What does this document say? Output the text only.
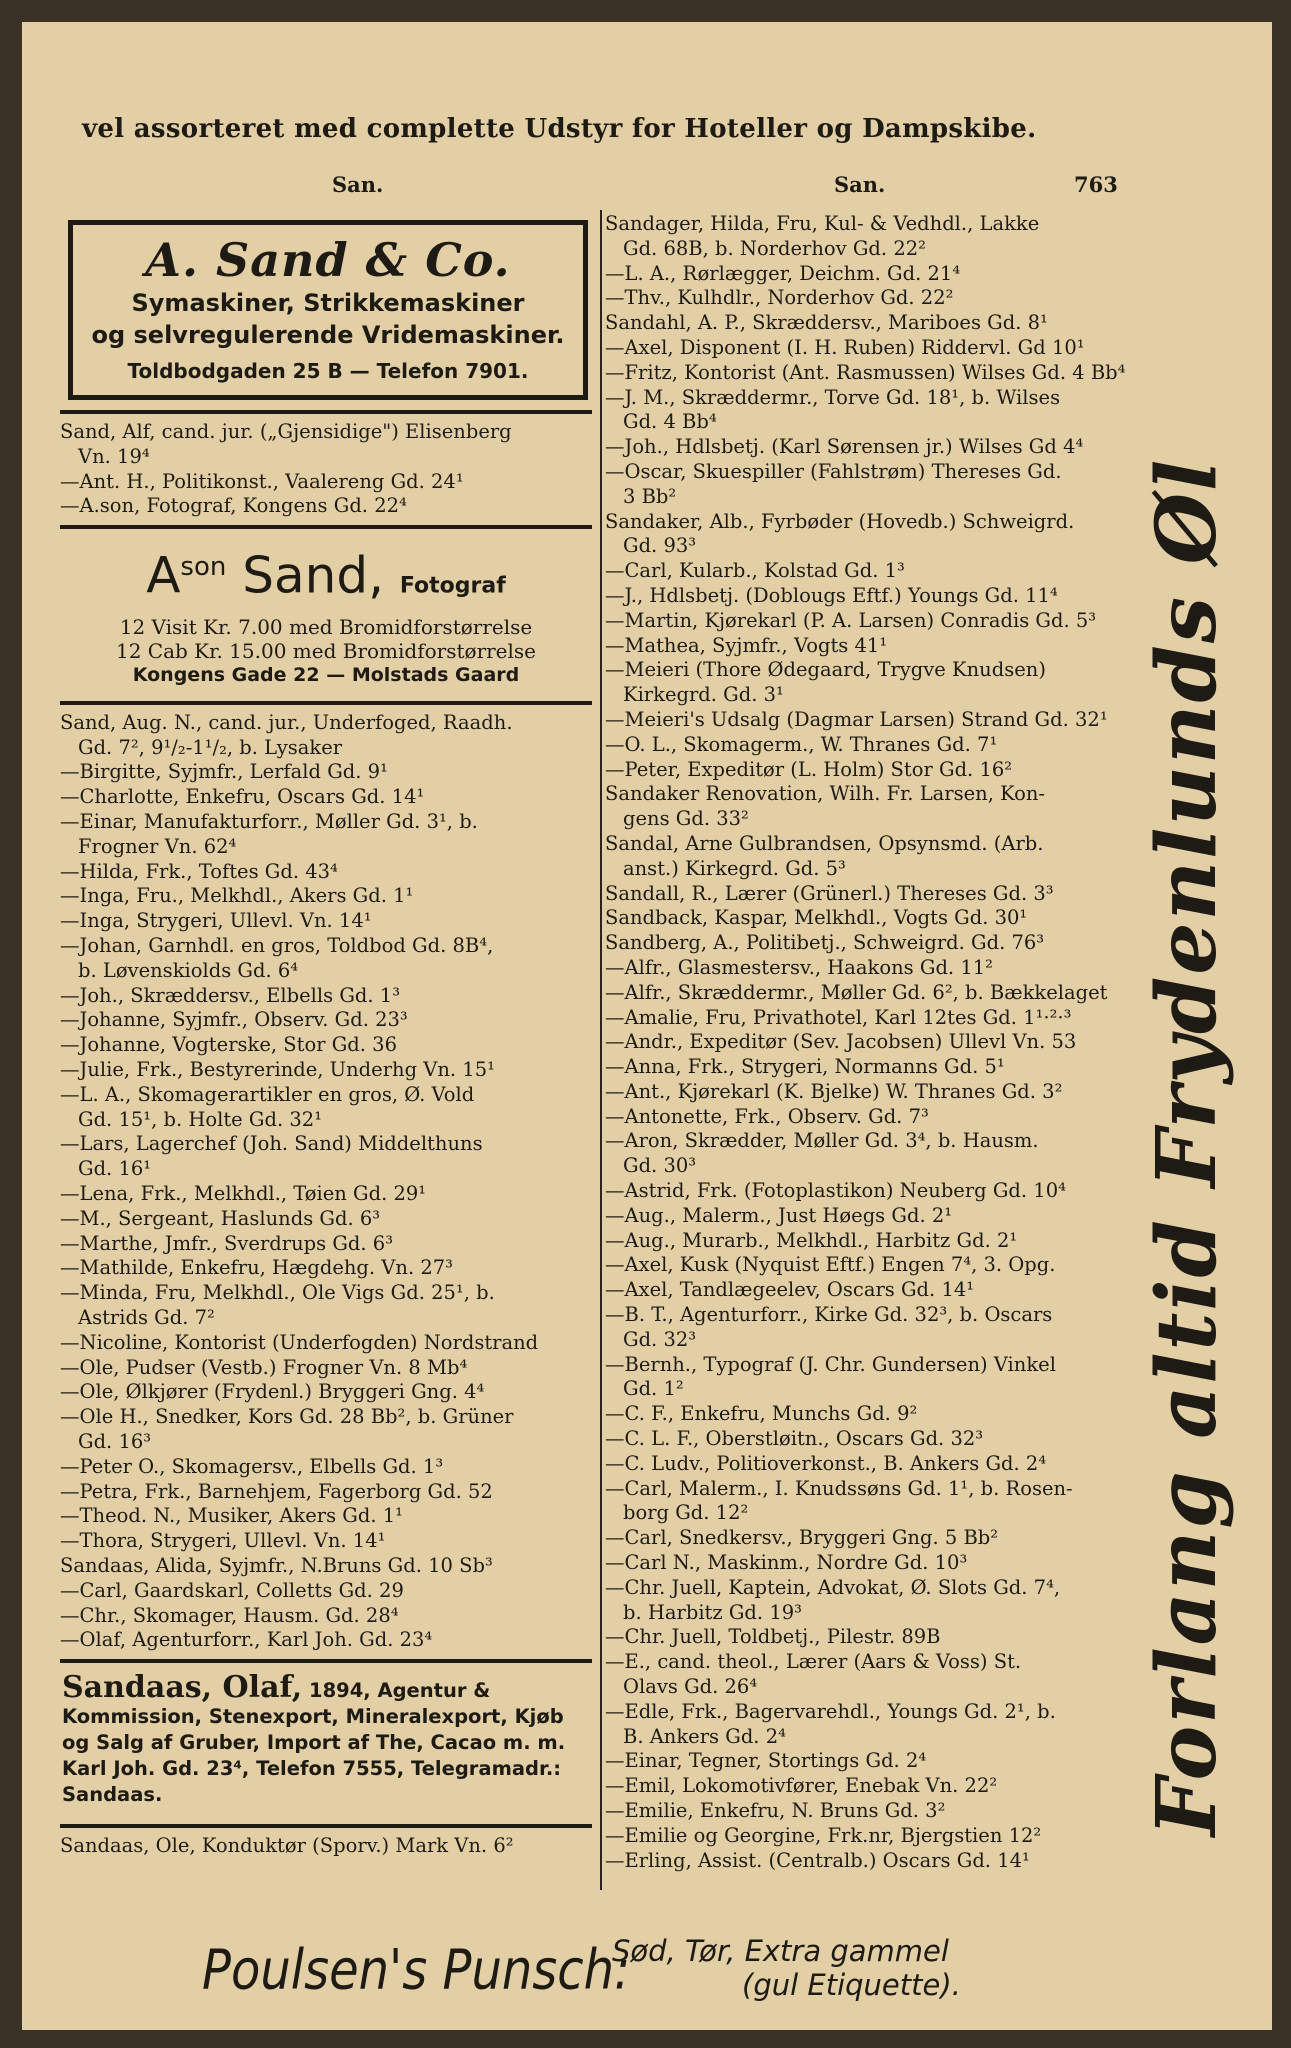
vel assorteret med complette Udstyr for Hoteller og Dampskibe.
San.	San.	763
A. Sand & Co.
Symaskiner, Strikkemaskiner
og selvregulerende Vridemaskiner.
Toldbodgaden 25 B — Telefon 7901.
Sand, Alf, cand. jur. („Gjensidige") Elisenberg
Vn. 19⁴
—Ant. H., Politikonst., Vaalereng Gd. 24¹
—A.son, Fotograf, Kongens Gd. 22⁴
$A^{son}$ Sand, Fotograf
12 Visit Kr. 7.00 med Bromidforstørrelse
12 Cab Kr. 15.00 med Bromidforstørrelse
Kongens Gade 22 — Molstads Gaard
Sand, Aug. N., cand. jur., Underfoged, Raadh.
Gd. 7², 9¹/₂-1¹/₂, b. Lysaker
—Birgitte, Syjmfr., Lerfald Gd. 9¹
—Charlotte, Enkefru, Oscars Gd. 14¹
—Einar, Manufakturforr., Møller Gd. 3¹, b.
Frogner Vn. 62⁴
—Hilda, Frk., Toftes Gd. 43⁴
—Inga, Fru., Melkhdl., Akers Gd. 1¹
—Inga, Strygeri, Ullevl. Vn. 14¹
—Johan, Garnhdl. en gros, Toldbod Gd. 8B⁴,
b. Løvenskiolds Gd. 6⁴
—Joh., Skræddersv., Elbells Gd. 1³
—Johanne, Syjmfr., Observ. Gd. 23³
—Johanne, Vogterske, Stor Gd. 36
—Julie, Frk., Bestyrerinde, Underhg Vn. 15¹
—L. A., Skomagerartikler en gros, Ø. Vold
Gd. 15¹, b. Holte Gd. 32¹
—Lars, Lagerchef (Joh. Sand) Middelthuns
Gd. 16¹
—Lena, Frk., Melkhdl., Tøien Gd. 29¹
—M., Sergeant, Haslunds Gd. 6³
—Marthe, Jmfr., Sverdrups Gd. 6³
—Mathilde, Enkefru, Hægdehg. Vn. 27³
—Minda, Fru, Melkhdl., Ole Vigs Gd. 25¹, b.
Astrids Gd. 7²
—Nicoline, Kontorist (Underfogden) Nordstrand
—Ole, Pudser (Vestb.) Frogner Vn. 8 Mb⁴
—Ole, Ølkjører (Frydenl.) Bryggeri Gng. 4⁴
—Ole H., Snedker, Kors Gd. 28 Bb², b. Grüner
Gd. 16³
—Peter O., Skomagersv., Elbells Gd. 1³
—Petra, Frk., Barnehjem, Fagerborg Gd. 52
—Theod. N., Musiker, Akers Gd. 1¹
—Thora, Strygeri, Ullevl. Vn. 14¹
Sandaas, Alida, Syjmfr., N.Bruns Gd. 10 Sb³
—Carl, Gaardskarl, Colletts Gd. 29
—Chr., Skomager, Hausm. Gd. 28⁴
—Olaf, Agenturforr., Karl Joh. Gd. 23⁴
Sandaas, Olaf, 1894, Agentur & Kommission, Stenexport, Mineralexport, Kjøb og Salg af Gruber, Import af The, Cacao m. m. Karl Joh. Gd. 23⁴, Telefon 7555, Telegramadr.: Sandaas.
Sandaas, Ole, Konduktør (Sporv.) Mark Vn. 6²
Sandager, Hilda, Fru, Kul- & Vedhdl., Lakke
Gd. 68B, b. Norderhov Gd. 22²
—L. A., Rørlægger, Deichm. Gd. 21⁴
—Thv., Kulhdlr., Norderhov Gd. 22²
Sandahl, A. P., Skræddersv., Mariboes Gd. 8¹
—Axel, Disponent (I. H. Ruben) Riddervl. Gd 10¹
—Fritz, Kontorist (Ant. Rasmussen) Wilses Gd. 4 Bb⁴
—J. M., Skræddermr., Torve Gd. 18¹, b. Wilses
Gd. 4 Bb⁴
—Joh., Hdlsbetj. (Karl Sørensen jr.) Wilses Gd 4⁴
—Oscar, Skuespiller (Fahlstrøm) Thereses Gd.
3 Bb²
Sandaker, Alb., Fyrbøder (Hovedb.) Schweigrd.
Gd. 93³
—Carl, Kularb., Kolstad Gd. 1³
—J., Hdlsbetj. (Doblougs Eftf.) Youngs Gd. 11⁴
—Martin, Kjørekarl (P. A. Larsen) Conradis Gd. 5³
—Mathea, Syjmfr., Vogts 41¹
—Meieri (Thore Ødegaard, Trygve Knudsen)
Kirkegrd. Gd. 3¹
—Meieri's Udsalg (Dagmar Larsen) Strand Gd. 32¹
—O. L., Skomagerm., W. Thranes Gd. 7¹
—Peter, Expeditør (L. Holm) Stor Gd. 16²
Sandaker Renovation, Wilh. Fr. Larsen, Kon-
gens Gd. 33²
Sandal, Arne Gulbrandsen, Opsynsmd. (Arb.
anst.) Kirkegrd. Gd. 5³
Sandall, R., Lærer (Grünerl.) Thereses Gd. 3³
Sandback, Kaspar, Melkhdl., Vogts Gd. 30¹
Sandberg, A., Politibetj., Schweigrd. Gd. 76³
—Alfr., Glasmestersv., Haakons Gd. 11²
—Alfr., Skræddermr., Møller Gd. 6², b. Bækkelaget
—Amalie, Fru, Privathotel, Karl 12tes Gd. 1¹·²·³
—Andr., Expeditør (Sev. Jacobsen) Ullevl Vn. 53
—Anna, Frk., Strygeri, Normanns Gd. 5¹
—Ant., Kjørekarl (K. Bjelke) W. Thranes Gd. 3²
—Antonette, Frk., Observ. Gd. 7³
—Aron, Skrædder, Møller Gd. 3⁴, b. Hausm.
Gd. 30³
—Astrid, Frk. (Fotoplastikon) Neuberg Gd. 10⁴
—Aug., Malerm., Just Høegs Gd. 2¹
—Aug., Murarb., Melkhdl., Harbitz Gd. 2¹
—Axel, Kusk (Nyquist Eftf.) Engen 7⁴, 3. Opg.
—Axel, Tandlægeelev, Oscars Gd. 14¹
—B. T., Agenturforr., Kirke Gd. 32³, b. Oscars
Gd. 32³
—Bernh., Typograf (J. Chr. Gundersen) Vinkel
Gd. 1²
—C. F., Enkefru, Munchs Gd. 9²
—C. L. F., Oberstløitn., Oscars Gd. 32³
—C. Ludv., Politioverkonst., B. Ankers Gd. 2⁴
—Carl, Malerm., I. Knudssøns Gd. 1¹, b. Rosen-
borg Gd. 12²
—Carl, Snedkersv., Bryggeri Gng. 5 Bb²
—Carl N., Maskinm., Nordre Gd. 10³
—Chr. Juell, Kaptein, Advokat, Ø. Slots Gd. 7⁴,
b. Harbitz Gd. 19³
—Chr. Juell, Toldbetj., Pilestr. 89B
—E., cand. theol., Lærer (Aars & Voss) St.
Olavs Gd. 26⁴
—Edle, Frk., Bagervarehdl., Youngs Gd. 2¹, b.
B. Ankers Gd. 2⁴
—Einar, Tegner, Stortings Gd. 2⁴
—Emil, Lokomotivfører, Enebak Vn. 22²
—Emilie, Enkefru, N. Bruns Gd. 3²
—Emilie og Georgine, Frk.nr, Bjergstien 12²
—Erling, Assist. (Centralb.) Oscars Gd. 14¹
Forlang altid Frydenlunds Øl
Poulsen's Punsch:
Sød, Tør, Extra gammel
(gul Etiquette).
